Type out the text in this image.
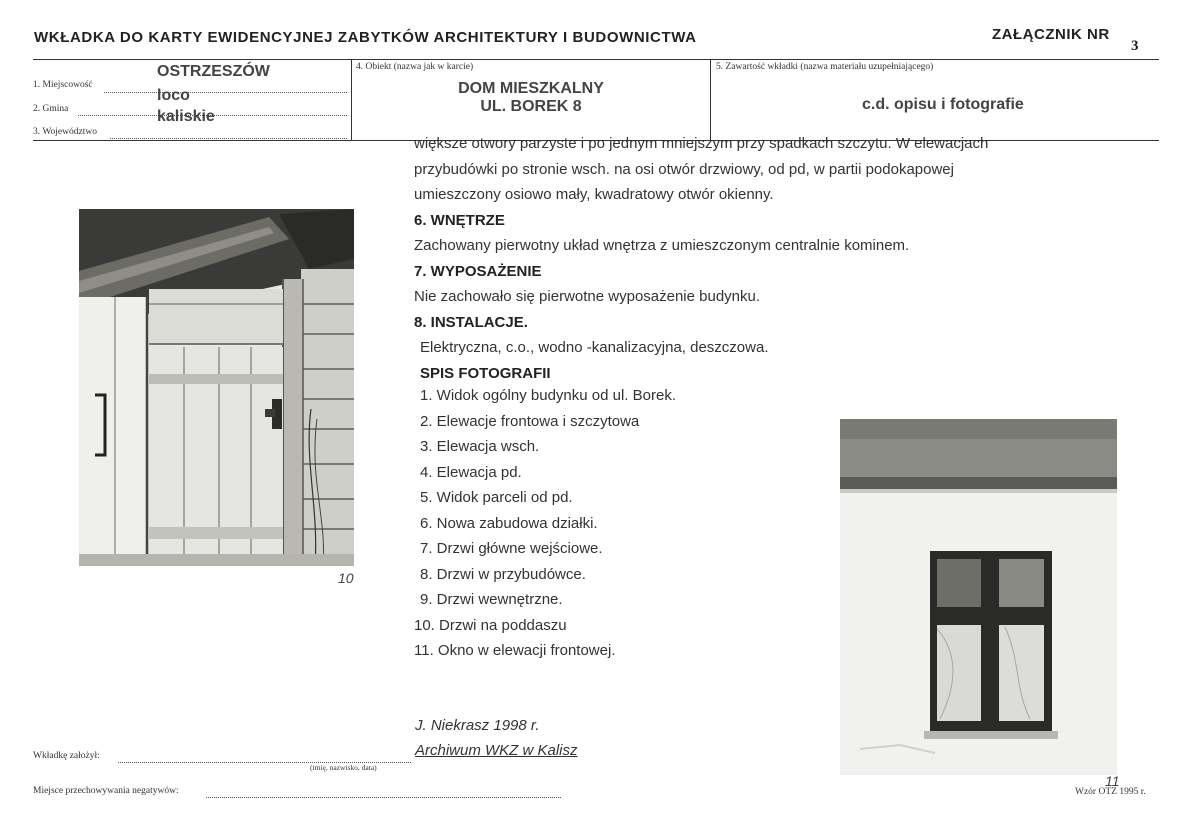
WKŁADKA DO KARTY EWIDENCYJNEJ ZABYTKÓW ARCHITEKTURY I BUDOWNICTWA	ZAŁĄCZNIK NR
3
1. Miejscowość
2. Gmina
3. Województwo
OSTRZESZÓW
loco
kaliskie
4. Obiekt (nazwa jak w karcie)
DOM MIESZKALNY
UL. BOREK 8
5. Zawartość wkładki (nazwa materiału uzupełniającego)
c.d. opisu i fotografie
większe otwory parzyste i po jednym mniejszym przy spadkach szczytu. W elewacjach
przybudówki po stronie wsch. na osi otwór drzwiowy, od pd, w partii podokapowej
umieszczony osiowo mały, kwadratowy otwór okienny.
6. WNĘTRZE
Zachowany pierwotny układ wnętrza z umieszczonym centralnie kominem.
7. WYPOSAŻENIE
Nie zachowało się pierwotne wyposażenie budynku.
8. INSTALACJE.
Elektryczna, c.o., wodno -kanalizacyjna, deszczowa.
SPIS FOTOGRAFII
1. Widok ogólny budynku od ul. Borek.
2. Elewacje frontowa i szczytowa
3. Elewacja wsch.
4. Elewacja pd.
5. Widok parceli od pd.
6. Nowa zabudowa działki.
7. Drzwi główne wejściowe.
8. Drzwi w przybudówce.
9. Drzwi wewnętrzne.
10. Drzwi na poddaszu
11. Okno w elewacji frontowej.
J. Niekrasz 1998 r.
Archiwum WKZ w Kalisz
10
11
Wkładkę założył:
(imię, nazwisko, data)
Miejsce przechowywania negatywów:	Wzór OTZ 1995 r.
